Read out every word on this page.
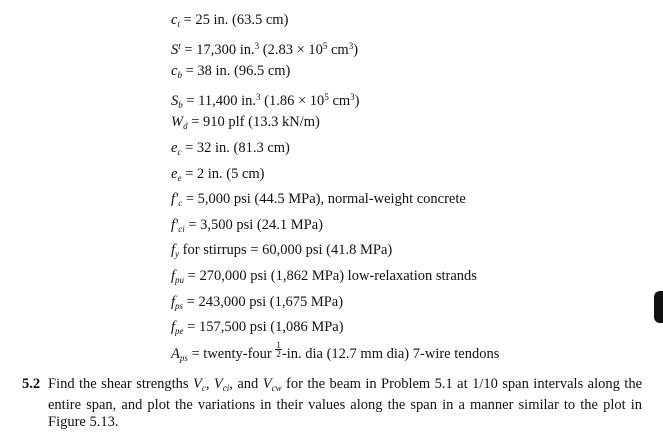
$c_t = 25$ in. (63.5 cm)
$S^t = 17,300$ in.$^3$ ($2.83 \times 10^5$ $cm^3$)
$c_b = 38$ in. (96.5 cm)
$S_b = 11,400$ in.$^3$ ($1.86 \times 10^5$ $cm^3$)
$W_d = 910$ plf (13.3 kN/m)
$e_c = 32$ in. (81.3 cm)
$e_e = 2$ in. (5 cm)
$f'_c = 5,000$ psi (44.5 MPa), normal-weight concrete
$f'_{ci} = 3,500$ psi (24.1 MPa)
$f_y$ for stirrups = 60,000 psi (41.8 MPa)
$f_{pu} = 270,000$ psi (1,862 MPa) low-relaxation strands
$f_{ps} = 243,000$ psi (1,675 MPa)
$f_{pe} = 157,500$ psi (1,086 MPa)
$A_{ps}$ = twenty-four $\frac{1}{2} -in$. dia (12.7 mm dia) 7-wire tendons
5.2 Find the shear strengths $V_c$, $V_{ci}$, and $V_{cw}$ for the beam in Problem 5.1 at 1/10 span intervals along the entire span, and plot the variations in their values along the span in a manner similar to the plot in Figure 5.13.
